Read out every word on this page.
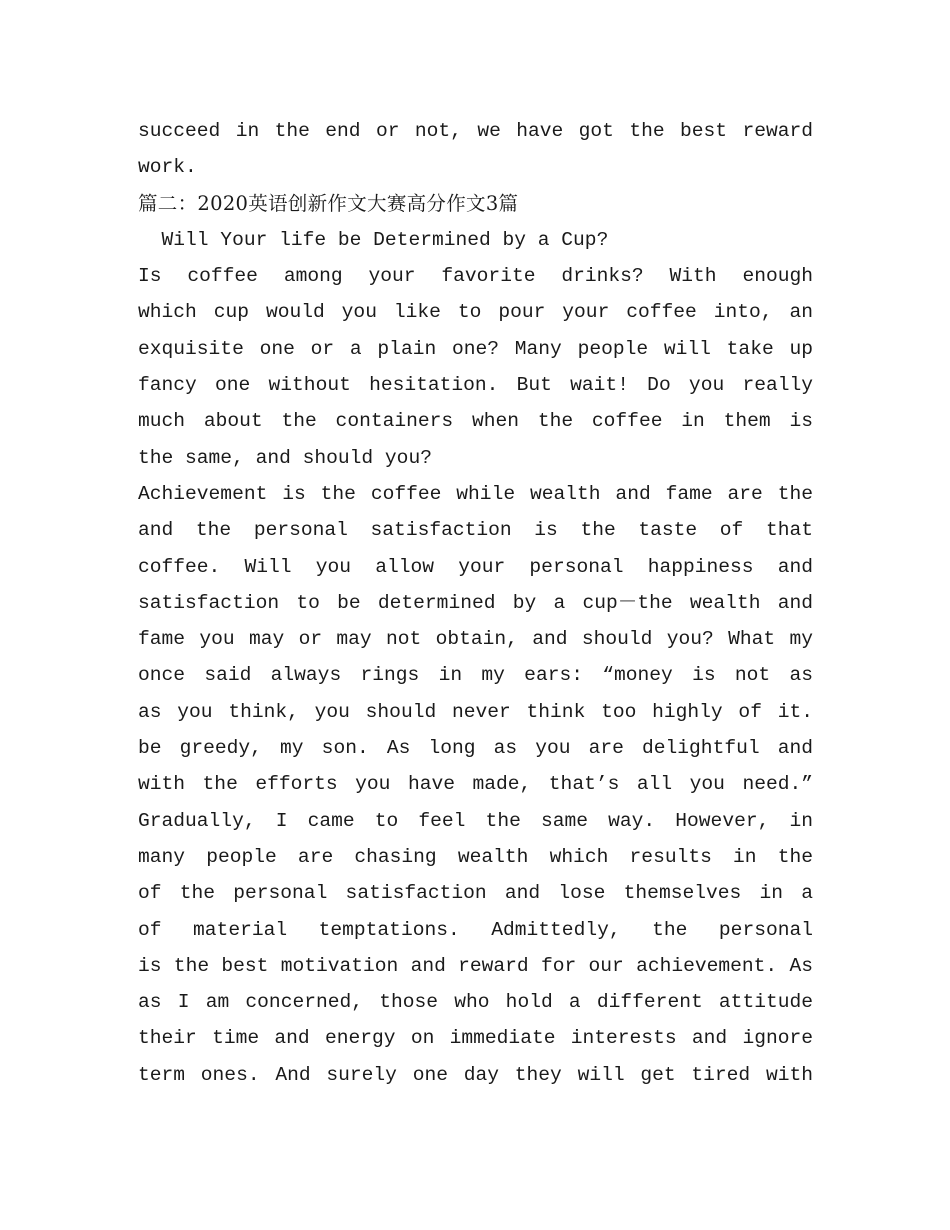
succeed in the end or not, we have got the best reward
work.
篇二：2020英语创新作文大赛高分作文3篇
Will Your life be Determined by a Cup?
Is coffee among your favorite drinks? With enough
which cup would you like to pour your coffee into, an
exquisite one or a plain one? Many people will take up
fancy one without hesitation. But wait! Do you really
much about the containers when the coffee in them is
the same, and should you?
Achievement is the coffee while wealth and fame are the
and the personal satisfaction is the taste of that
coffee. Will you allow your personal happiness and
satisfaction to be determined by a cup－the wealth and
fame you may or may not obtain, and should you? What my
once said always rings in my ears: “money is not as
as you think, you should never think too highly of it.
be greedy, my son. As long as you are delightful and
with the efforts you have made, that’s all you need.”
Gradually, I came to feel the same way. However, in
many people are chasing wealth which results in the
of the personal satisfaction and lose themselves in a
of material temptations. Admittedly, the personal
is the best motivation and reward for our achievement. As
as I am concerned, those who hold a different attitude
their time and energy on immediate interests and ignore
term ones. And surely one day they will get tired with
